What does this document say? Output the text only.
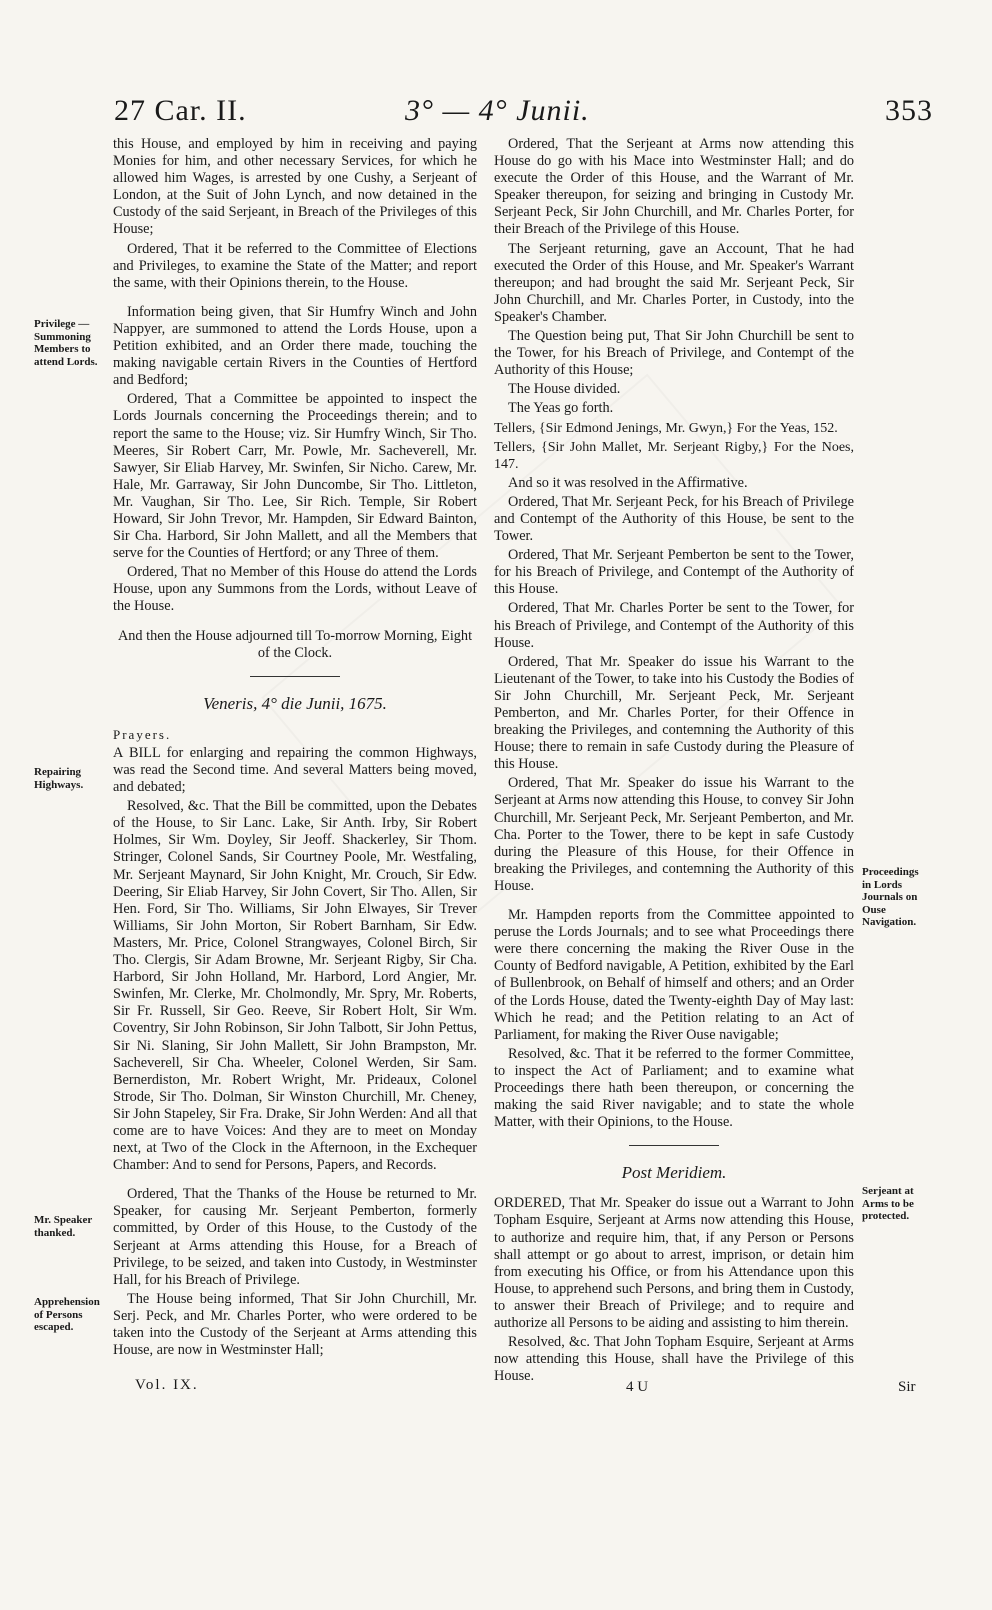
27 Car. II.	3° — 4° Junii.	353
Privilege — Summoning Members to attend Lords.
Repairing Highways.
Mr. Speaker thanked.
Apprehension of Persons escaped.
Proceedings in Lords Journals on Ouse Navigation.
Serjeant at Arms to be protected.

this House, and employed by him in receiving and paying Monies for him, and other necessary Services, for which he allowed him Wages, is arrested by one Cushy, a Serjeant of London, at the Suit of John Lynch, and now detained in the Custody of the said Serjeant, in Breach of the Privileges of this House;

Ordered, That it be referred to the Committee of Elections and Privileges, to examine the State of the Matter; and report the same, with their Opinions therein, to the House.

Information being given, that Sir Humfry Winch and John Nappyer, are summoned to attend the Lords House, upon a Petition exhibited, and an Order there made, touching the making navigable certain Rivers in the Counties of Hertford and Bedford;

Ordered, That a Committee be appointed to inspect the Lords Journals concerning the Proceedings therein; and to report the same to the House; viz. Sir Humfry Winch, Sir Tho. Meeres, Sir Robert Carr, Mr. Powle, Mr. Sacheverell, Mr. Sawyer, Sir Eliab Harvey, Mr. Swinfen, Sir Nicho. Carew, Mr. Hale, Mr. Garraway, Sir John Duncombe, Sir Tho. Littleton, Mr. Vaughan, Sir Tho. Lee, Sir Rich. Temple, Sir Robert Howard, Sir John Trevor, Mr. Hampden, Sir Edward Bainton, Sir Cha. Harbord, Sir John Mallett, and all the Members that serve for the Counties of Hertford; or any Three of them.

Ordered, That no Member of this House do attend the Lords House, upon any Summons from the Lords, without Leave of the House.

And then the House adjourned till To-morrow Morning, Eight of the Clock.

Veneris, 4° die Junii, 1675.

Prayers.

A BILL for enlarging and repairing the common Highways, was read the Second time. And several Matters being moved, and debated;

Resolved, &c. That the Bill be committed, upon the Debates of the House, to Sir Lanc. Lake, Sir Anth. Irby, Sir Robert Holmes, Sir Wm. Doyley, Sir Jeoff. Shackerley, Sir Thom. Stringer, Colonel Sands, Sir Courtney Poole, Mr. Westfaling, Mr. Serjeant Maynard, Sir John Knight, Mr. Crouch, Sir Edw. Deering, Sir Eliab Harvey, Sir John Covert, Sir Tho. Allen, Sir Hen. Ford, Sir Tho. Williams, Sir John Elwayes, Sir Trever Williams, Sir John Morton, Sir Robert Barnham, Sir Edw. Masters, Mr. Price, Colonel Strangwayes, Colonel Birch, Sir Tho. Clergis, Sir Adam Browne, Mr. Serjeant Rigby, Sir Cha. Harbord, Sir John Holland, Mr. Harbord, Lord Angier, Mr. Swinfen, Mr. Clerke, Mr. Cholmondly, Mr. Spry, Mr. Roberts, Sir Fr. Russell, Sir Geo. Reeve, Sir Robert Holt, Sir Wm. Coventry, Sir John Robinson, Sir John Talbott, Sir John Pettus, Sir Ni. Slaning, Sir John Mallett, Sir John Brampston, Mr. Sacheverell, Sir Cha. Wheeler, Colonel Werden, Sir Sam. Bernerdiston, Mr. Robert Wright, Mr. Prideaux, Colonel Strode, Sir Tho. Dolman, Sir Winston Churchill, Mr. Cheney, Sir John Stapeley, Sir Fra. Drake, Sir John Werden: And all that come are to have Voices: And they are to meet on Monday next, at Two of the Clock in the Afternoon, in the Exchequer Chamber: And to send for Persons, Papers, and Records.

Ordered, That the Thanks of the House be returned to Mr. Speaker, for causing Mr. Serjeant Pemberton, formerly committed, by Order of this House, to the Custody of the Serjeant at Arms attending this House, for a Breach of Privilege, to be seized, and taken into Custody, in Westminster Hall, for his Breach of Privilege.

The House being informed, That Sir John Churchill, Mr. Serj. Peck, and Mr. Charles Porter, who were ordered to be taken into the Custody of the Serjeant at Arms attending this House, are now in Westminster Hall;

Ordered, That the Serjeant at Arms now attending this House do go with his Mace into Westminster Hall; and do execute the Order of this House, and the Warrant of Mr. Speaker thereupon, for seizing and bringing in Custody Mr. Serjeant Peck, Sir John Churchill, and Mr. Charles Porter, for their Breach of the Privilege of this House.

The Serjeant returning, gave an Account, That he had executed the Order of this House, and Mr. Speaker's Warrant thereupon; and had brought the said Mr. Serjeant Peck, Sir John Churchill, and Mr. Charles Porter, in Custody, into the Speaker's Chamber.

The Question being put, That Sir John Churchill be sent to the Tower, for his Breach of Privilege, and Contempt of the Authority of this House;

The House divided.

The Yeas go forth.

Tellers, {Sir Edmond Jenings, Mr. Gwyn,} For the Yeas, 152.

Tellers, {Sir John Mallet, Mr. Serjeant Rigby,} For the Noes, 147.

And so it was resolved in the Affirmative.

Ordered, That Mr. Serjeant Peck, for his Breach of Privilege and Contempt of the Authority of this House, be sent to the Tower.

Ordered, That Mr. Serjeant Pemberton be sent to the Tower, for his Breach of Privilege, and Contempt of the Authority of this House.

Ordered, That Mr. Charles Porter be sent to the Tower, for his Breach of Privilege, and Contempt of the Authority of this House.

Ordered, That Mr. Speaker do issue his Warrant to the Lieutenant of the Tower, to take into his Custody the Bodies of Sir John Churchill, Mr. Serjeant Peck, Mr. Serjeant Pemberton, and Mr. Charles Porter, for their Offence in breaking the Privileges, and contemning the Authority of this House; there to remain in safe Custody during the Pleasure of this House.

Ordered, That Mr. Speaker do issue his Warrant to the Serjeant at Arms now attending this House, to convey Sir John Churchill, Mr. Serjeant Peck, Mr. Serjeant Pemberton, and Mr. Cha. Porter to the Tower, there to be kept in safe Custody during the Pleasure of this House, for their Offence in breaking the Privileges, and contemning the Authority of this House.

Mr. Hampden reports from the Committee appointed to peruse the Lords Journals; and to see what Proceedings there were there concerning the making the River Ouse in the County of Bedford navigable, A Petition, exhibited by the Earl of Bullenbrook, on Behalf of himself and others; and an Order of the Lords House, dated the Twenty-eighth Day of May last: Which he read; and the Petition relating to an Act of Parliament, for making the River Ouse navigable;

Resolved, &c. That it be referred to the former Committee, to inspect the Act of Parliament; and to examine what Proceedings there hath been thereupon, or concerning the making the said River navigable; and to state the whole Matter, with their Opinions, to the House.

Post Meridiem.

ORDERED, That Mr. Speaker do issue out a Warrant to John Topham Esquire, Serjeant at Arms now attending this House, to authorize and require him, that, if any Person or Persons shall attempt or go about to arrest, imprison, or detain him from executing his Office, or from his Attendance upon this House, to apprehend such Persons, and bring them in Custody, to answer their Breach of Privilege; and to require and authorize all Persons to be aiding and assisting to him therein.

Resolved, &c. That John Topham Esquire, Serjeant at Arms now attending this House, shall have the Privilege of this House.

Vol. IX.	4 U	Sir
